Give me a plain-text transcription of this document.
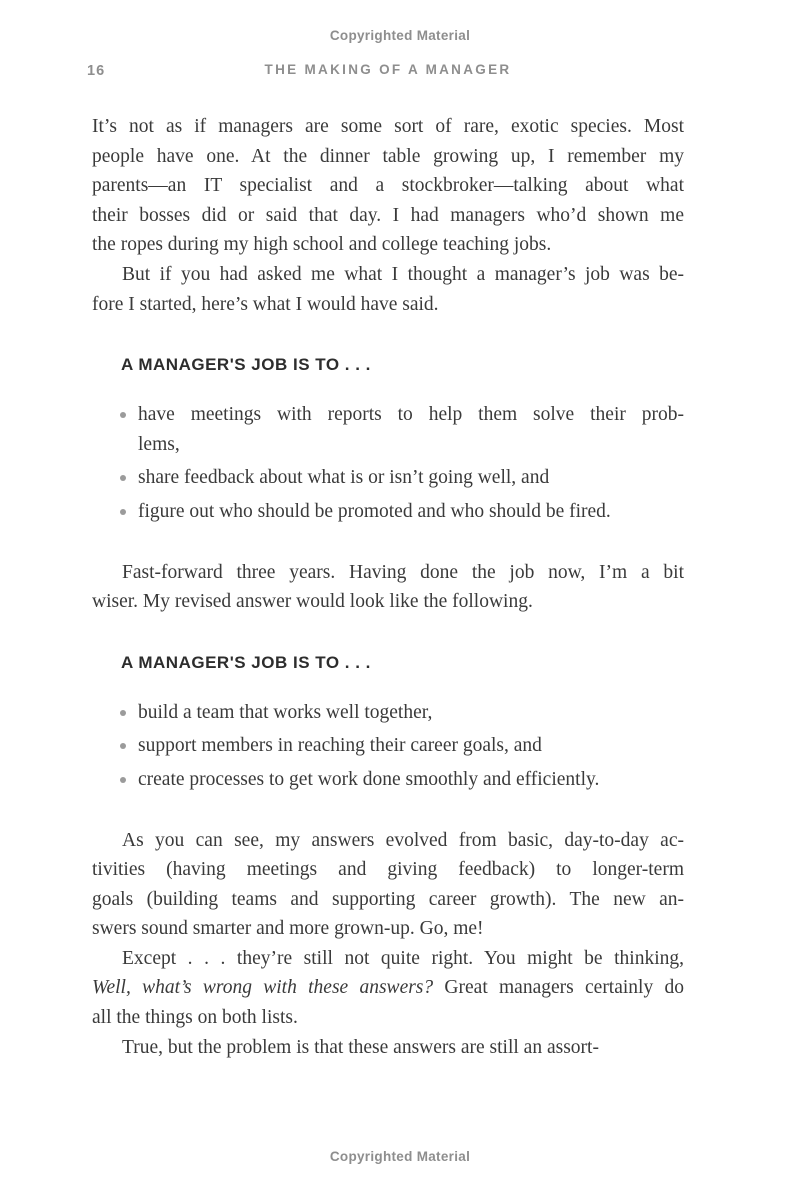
Copyrighted Material
16	THE MAKING OF A MANAGER
It’s not as if managers are some sort of rare, exotic species. Most
people have one. At the dinner table growing up, I remember my
parents—an IT specialist and a stockbroker—talking about what
their bosses did or said that day. I had managers who’d shown me
the ropes during my high school and college teaching jobs.
But if you had asked me what I thought a manager’s job was be-
fore I started, here’s what I would have said.
A MANAGER'S JOB IS TO . . .
have meetings with reports to help them solve their prob-
lems,
share feedback about what is or isn’t going well, and
figure out who should be promoted and who should be fired.
Fast-forward three years. Having done the job now, I’m a bit
wiser. My revised answer would look like the following.
A MANAGER'S JOB IS TO . . .
build a team that works well together,
support members in reaching their career goals, and
create processes to get work done smoothly and efficiently.
As you can see, my answers evolved from basic, day-to-day ac-
tivities (having meetings and giving feedback) to longer-term
goals (building teams and supporting career growth). The new an-
swers sound smarter and more grown-up. Go, me!
Except . . . they’re still not quite right. You might be thinking,
Well, what’s wrong with these answers? Great managers certainly do
all the things on both lists.
True, but the problem is that these answers are still an assort-
Copyrighted Material
